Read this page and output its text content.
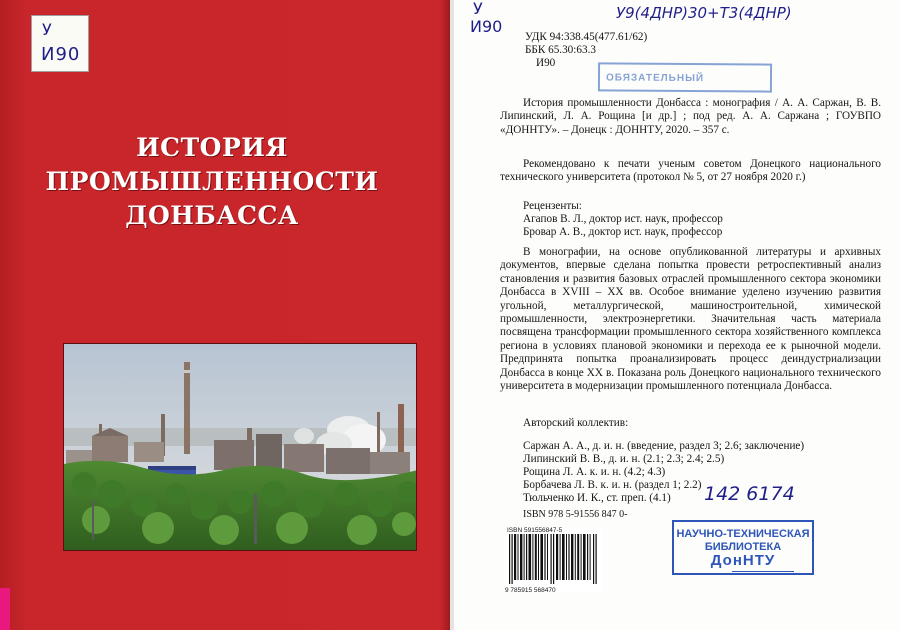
У
И90
ИСТОРИЯ
ПРОМЫШЛЕННОСТИ
ДОНБАССА
У
И90
У9(4ДНР)30+Т3(4ДНР)
УДК 94:338.45(477.61/62)
ББК 65.30:63.3
И90
ОБЯЗАТЕЛЬНЫЙ

История промышленности Донбасса : монография / А. А. Саржан, В. В. Липинский, Л. А. Рощина [и др.] ; под ред. А. А. Саржана ; ГОУВПО «ДОННТУ». – Донецк : ДОННТУ, 2020. – 357 с.

Рекомендовано к печати ученым советом Донецкого национального технического университета (протокол № 5, от 27 ноября 2020 г.)

Рецензенты:
Агапов В. Л., доктор ист. наук, профессор
Бровар А. В., доктор ист. наук, профессор

В монографии, на основе опубликованной литературы и архивных документов, впервые сделана попытка провести ретроспективный анализ становления и развития базовых отраслей промышленного сектора экономики Донбасса в XVIII – XX вв. Особое внимание уделено изучению развития угольной, металлургической, машиностроительной, химической промышленности, электроэнергетики. Значительная часть материала посвящена трансформации промышленного сектора хозяйственного комплекса региона в условиях плановой экономики и перехода ее к рыночной модели. Предпринята попытка проанализировать процесс деиндустриализации Донбасса в конце XX в. Показана роль Донецкого национального технического университета в модернизации промышленного потенциала Донбасса.

Авторский коллектив:
Саржан А. А., д. и. н. (введение, раздел 3; 2.6; заключение)
Липинский В. В., д. и. н. (2.1; 2.3; 2.4; 2.5)
Рощина Л. А. к. и. н. (4.2; 4.3)
Борбачева Л. В. к. и. н. (раздел 1; 2.2)
Тюльченко И. К., ст. преп. (4.1)
ISBN 978 5-91556 847 0-
142 6174
ISBN 591556847-5
9 785915 568470
НАУЧНО-ТЕХНИЧЕСКАЯ
БИБЛИОТЕКА
ДонНТУ
